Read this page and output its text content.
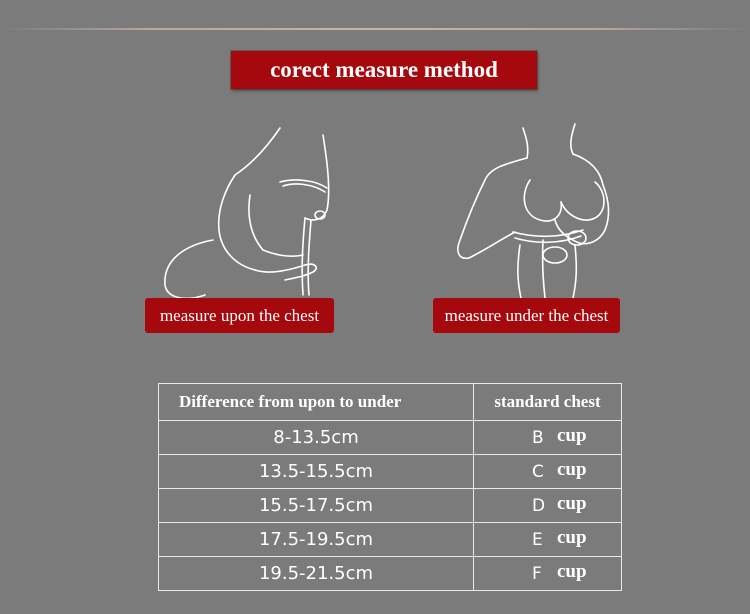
corect measure method
measure upon the chest	measure under the chest
Difference from upon to under	standard chest
8-13.5cm	B cup

13.5-15.5cm	C cup

15.5-17.5cm	D cup

17.5-19.5cm	E cup

19.5-21.5cm	F cup
